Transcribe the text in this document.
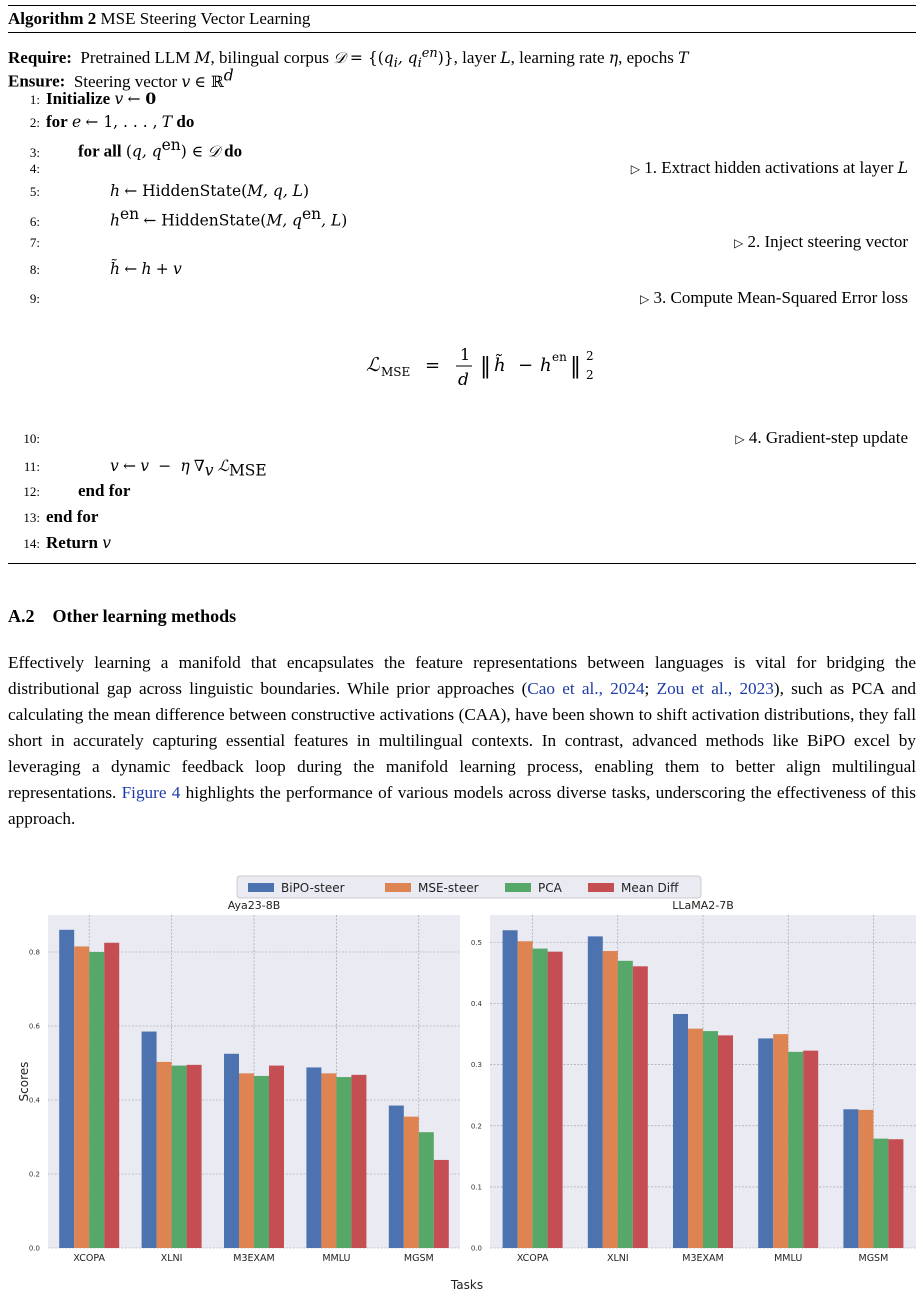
Algorithm 2 MSE Steering Vector Learning
Require:  Pretrained LLM M, bilingual corpus 𝒟 = {($q_i$, $q_i^{en}$)}, layer L, learning rate η, epochs T
Ensure:  Steering vector v ∈ ℝ$^d$
1: Initialize v ← 0
2: for e ← 1, . . . , T do
3: for all (q, $q^{en}$) ∈ 𝒟 do
4:	▷ 1. Extract hidden activations at layer L
5:	h ← HiddenState(M, q, L)
6:	$h^{en}$ ← HiddenState(M, $q^{en}$, L)
7:	▷ 2. Inject steering vector
8:	h̃ ← h + v
9:	▷ 3. Compute Mean-Squared Error loss
ℒ MSE =
1
d
‖ h̃ − h en ‖ 2
2
10:	▷ 4. Gradient-step update
11:	v ← v  −  η $\nabla_v$ ℒ$_{MSE}$
12: end for
13: end for
14: Return v
A.2 Other learning methods

Effectively learning a manifold that encapsulates the feature representations between languages is vital for bridging the distributional gap across linguistic boundaries. While prior approaches (Cao et al., 2024; Zou et al., 2023), such as PCA and calculating the mean difference between constructive activations (CAA), have been shown to shift activation distributions, they fall short in accurately capturing essential features in multilingual contexts. In contrast, advanced methods like BiPO excel by leveraging a dynamic feedback loop during the manifold learning process, enabling them to better align multilingual representations. Figure 4 highlights the performance of various models across diverse tasks, underscoring the effectiveness of this approach.

BiPO-steer	MSE-steer	PCA	Mean Diff
Aya23-8B
0.0
0.2
0.4
0.6
0.8
XCOPA	XLNI	M3EXAM	MMLU	MGSM
Scores
LLaMA2-7B
0.0
0.1
0.2
0.3
0.4
0.5
XCOPA	XLNI	M3EXAM	MMLU	MGSM
Tasks
